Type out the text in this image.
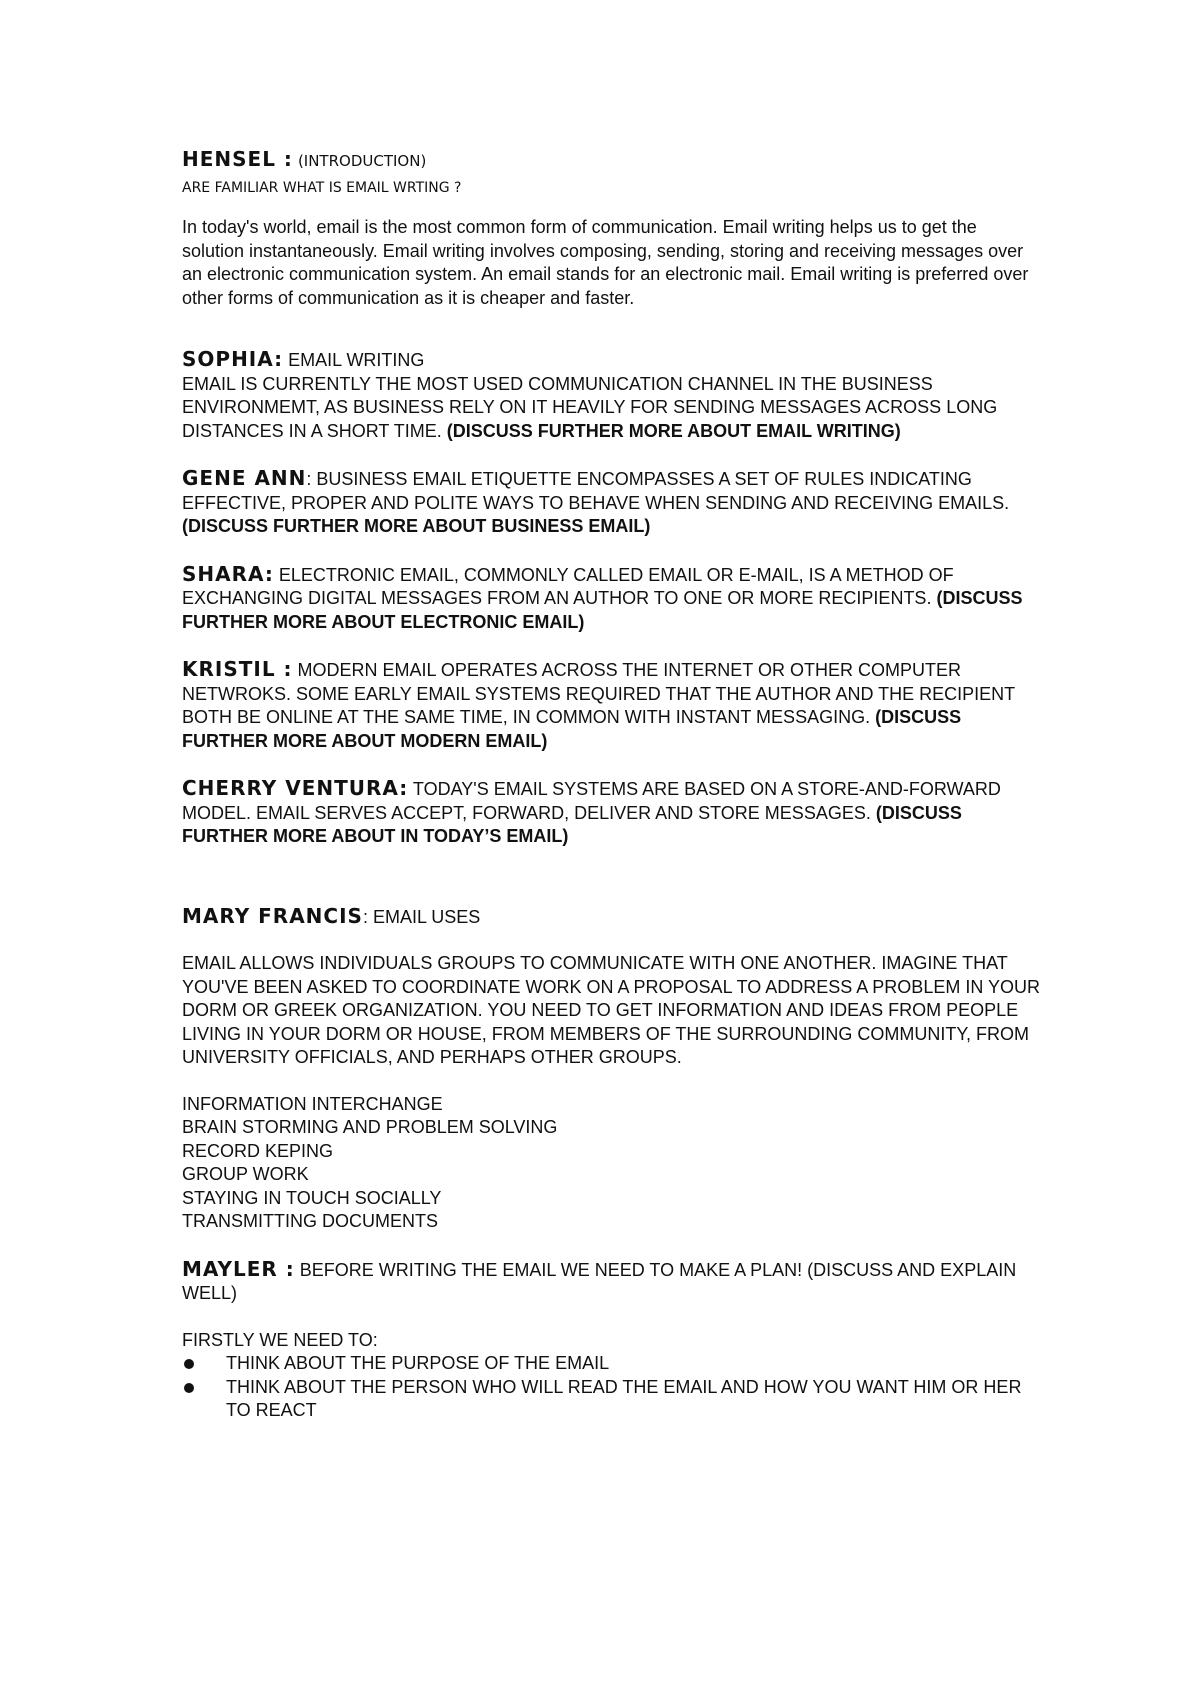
HENSEL : (INTRODUCTION)
ARE FAMILIAR WHAT IS EMAIL WRTING ?

In today's world, email is the most common form of communication. Email writing helps us to get the solution instantaneously. Email writing involves composing, sending, storing and receiving messages over an electronic communication system. An email stands for an electronic mail. Email writing is preferred over other forms of communication as it is cheaper and faster.

SOPHIA: EMAIL WRITING

EMAIL IS CURRENTLY THE MOST USED COMMUNICATION CHANNEL IN THE BUSINESS ENVIRONMEMT, AS BUSINESS RELY ON IT HEAVILY FOR SENDING MESSAGES ACROSS LONG DISTANCES IN A SHORT TIME. (DISCUSS FURTHER MORE ABOUT EMAIL WRITING)

GENE ANN: BUSINESS EMAIL ETIQUETTE ENCOMPASSES A SET OF RULES INDICATING EFFECTIVE, PROPER AND POLITE WAYS TO BEHAVE WHEN SENDING AND RECEIVING EMAILS.(DISCUSS FURTHER MORE ABOUT BUSINESS EMAIL)

SHARA: ELECTRONIC EMAIL, COMMONLY CALLED EMAIL OR E-MAIL, IS A METHOD OF EXCHANGING DIGITAL MESSAGES FROM AN AUTHOR TO ONE OR MORE RECIPIENTS. (DISCUSS FURTHER MORE ABOUT ELECTRONIC EMAIL)

KRISTIL : MODERN EMAIL OPERATES ACROSS THE INTERNET OR OTHER COMPUTER NETWROKS. SOME EARLY EMAIL SYSTEMS REQUIRED THAT THE AUTHOR AND THE RECIPIENT BOTH BE ONLINE AT THE SAME TIME, IN COMMON WITH INSTANT MESSAGING. (DISCUSS FURTHER MORE ABOUT MODERN EMAIL)

CHERRY VENTURA: TODAY'S EMAIL SYSTEMS ARE BASED ON A STORE-AND-FORWARD MODEL. EMAIL SERVES ACCEPT, FORWARD, DELIVER AND STORE MESSAGES. (DISCUSS FURTHER MORE ABOUT IN TODAY’S EMAIL)

MARY FRANCIS: EMAIL USES

EMAIL ALLOWS INDIVIDUALS GROUPS TO COMMUNICATE WITH ONE ANOTHER. IMAGINE THAT YOU'VE BEEN ASKED TO COORDINATE WORK ON A PROPOSAL TO ADDRESS A PROBLEM IN YOUR DORM OR GREEK ORGANIZATION. YOU NEED TO GET INFORMATION AND IDEAS FROM PEOPLE LIVING IN YOUR DORM OR HOUSE, FROM MEMBERS OF THE SURROUNDING COMMUNITY, FROM UNIVERSITY OFFICIALS, AND PERHAPS OTHER GROUPS.

INFORMATION INTERCHANGE
BRAIN STORMING AND PROBLEM SOLVING
RECORD KEPING
GROUP WORK
STAYING IN TOUCH SOCIALLY
TRANSMITTING DOCUMENTS

MAYLER : BEFORE WRITING THE EMAIL WE NEED TO MAKE A PLAN! (DISCUSS AND EXPLAIN WELL)

FIRSTLY WE NEED TO:

THINK ABOUT THE PURPOSE OF THE EMAIL
THINK ABOUT THE PERSON WHO WILL READ THE EMAIL AND HOW YOU WANT HIM OR HER TO REACT
